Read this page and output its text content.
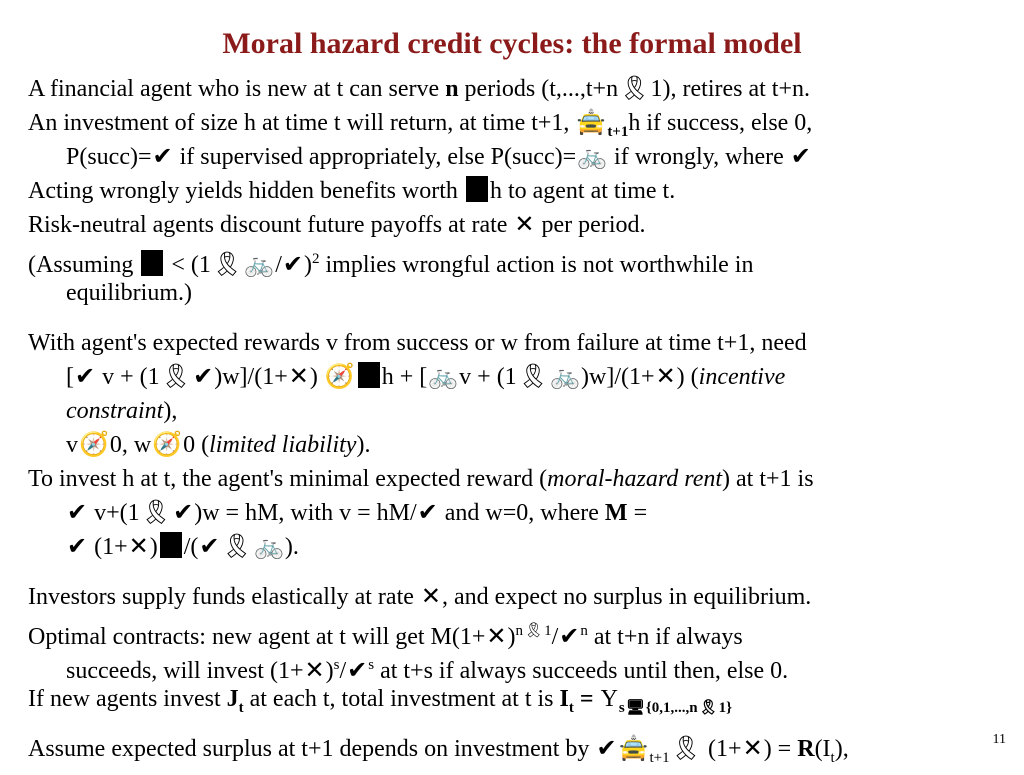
Moral hazard credit cycles: the formal model
A financial agent who is new at t can serve n periods (t,...,t+n🎗1), retires at t+n.
An investment of size h at time t will return, at time t+1, $🚖_{t+1}h$ if success, else 0,
P(succ)=✔ if supervised appropriately, else P(succ)=🚲 if wrongly, where ✔
Acting wrongly yields hidden benefits worth h to agent at time t.
Risk-neutral agents discount future payoffs at rate ✕ per period.
(Assuming  < (1🎗🚲/✔)$^2$ implies wrongful action is not worthwhile in
equilibrium.)
With agent's expected rewards v from success or w from failure at time t+1, need
[✔ v + (1🎗✔)w]/(1+✕) 🧭 h + [🚲v + (1🎗🚲)w]/(1+✕) (incentive
constraint),
v🧭0, w🧭0 (limited liability).
To invest h at t, the agent's minimal expected reward (moral-hazard rent) at t+1 is
✔ v+(1🎗✔)w = hM, with v = hM/✔ and w=0, where M =
✔ (1+✕) /(✔🎗🚲).
Investors supply funds elastically at rate ✕, and expect no surplus in equilibrium.
Optimal contracts: new agent at t will get M(1+✕)$^{n🎗1}$/✔$^n$ at t+n if always
succeeds, will invest (1+✕)$^s$/✔$^s$ at t+s if always succeeds until then, else 0.
If new agents invest $J_t$ at each t, total investment at t is $I_t = Y_{s🖥\{0,1,...,n🎗1\}}$
Assume expected surplus at t+1 depends on investment by $✔🚖_{t+1}🎗$ (1+✕) = $R(I_t)$,	11
